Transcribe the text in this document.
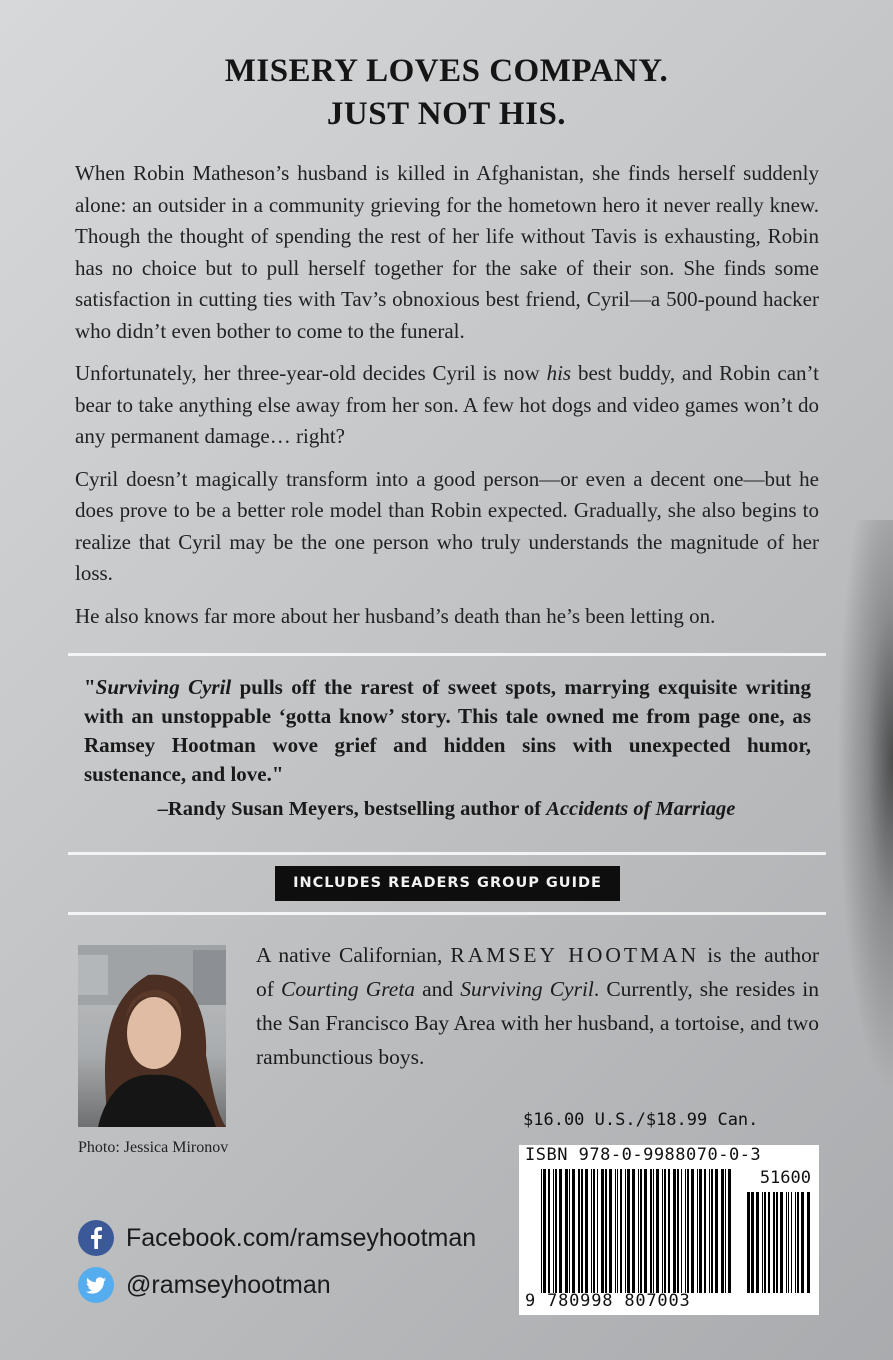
MISERY LOVES COMPANY.
JUST NOT HIS.

When Robin Matheson’s husband is killed in Afghanistan, she finds herself suddenly alone: an outsider in a community grieving for the hometown hero it never really knew. Though the thought of spending the rest of her life without Tavis is exhausting, Robin has no choice but to pull herself together for the sake of their son. She finds some satisfaction in cutting ties with Tav’s obnoxious best friend, Cyril—a 500-pound hacker who didn’t even bother to come to the funeral.

Unfortunately, her three-year-old decides Cyril is now his best buddy, and Robin can’t bear to take anything else away from her son. A few hot dogs and video games won’t do any permanent damage… right?

Cyril doesn’t magically transform into a good person—or even a decent one—but he does prove to be a better role model than Robin expected. Gradually, she also begins to realize that Cyril may be the one person who truly understands the magnitude of her loss.

He also knows far more about her husband’s death than he’s been letting on.

"Surviving Cyril pulls off the rarest of sweet spots, marrying exquisite writing with an unstoppable ‘gotta know’ story. This tale owned me from page one, as Ramsey Hootman wove grief and hidden sins with unexpected humor, sustenance, and love."
–Randy Susan Meyers, bestselling author of Accidents of Marriage
INCLUDES READERS GROUP GUIDE
Photo: Jessica Mironov
A native Californian, RAMSEY HOOTMAN is the author of Courting Greta and Surviving Cyril. Currently, she resides in the San Francisco Bay Area with her husband, a tortoise, and two rambunctious boys.
$16.00 U.S./$18.99 Can.
ISBN 978-0-9988070-0-3
51600
9 780998 807003
Facebook.com/ramseyhootman
@ramseyhootman
